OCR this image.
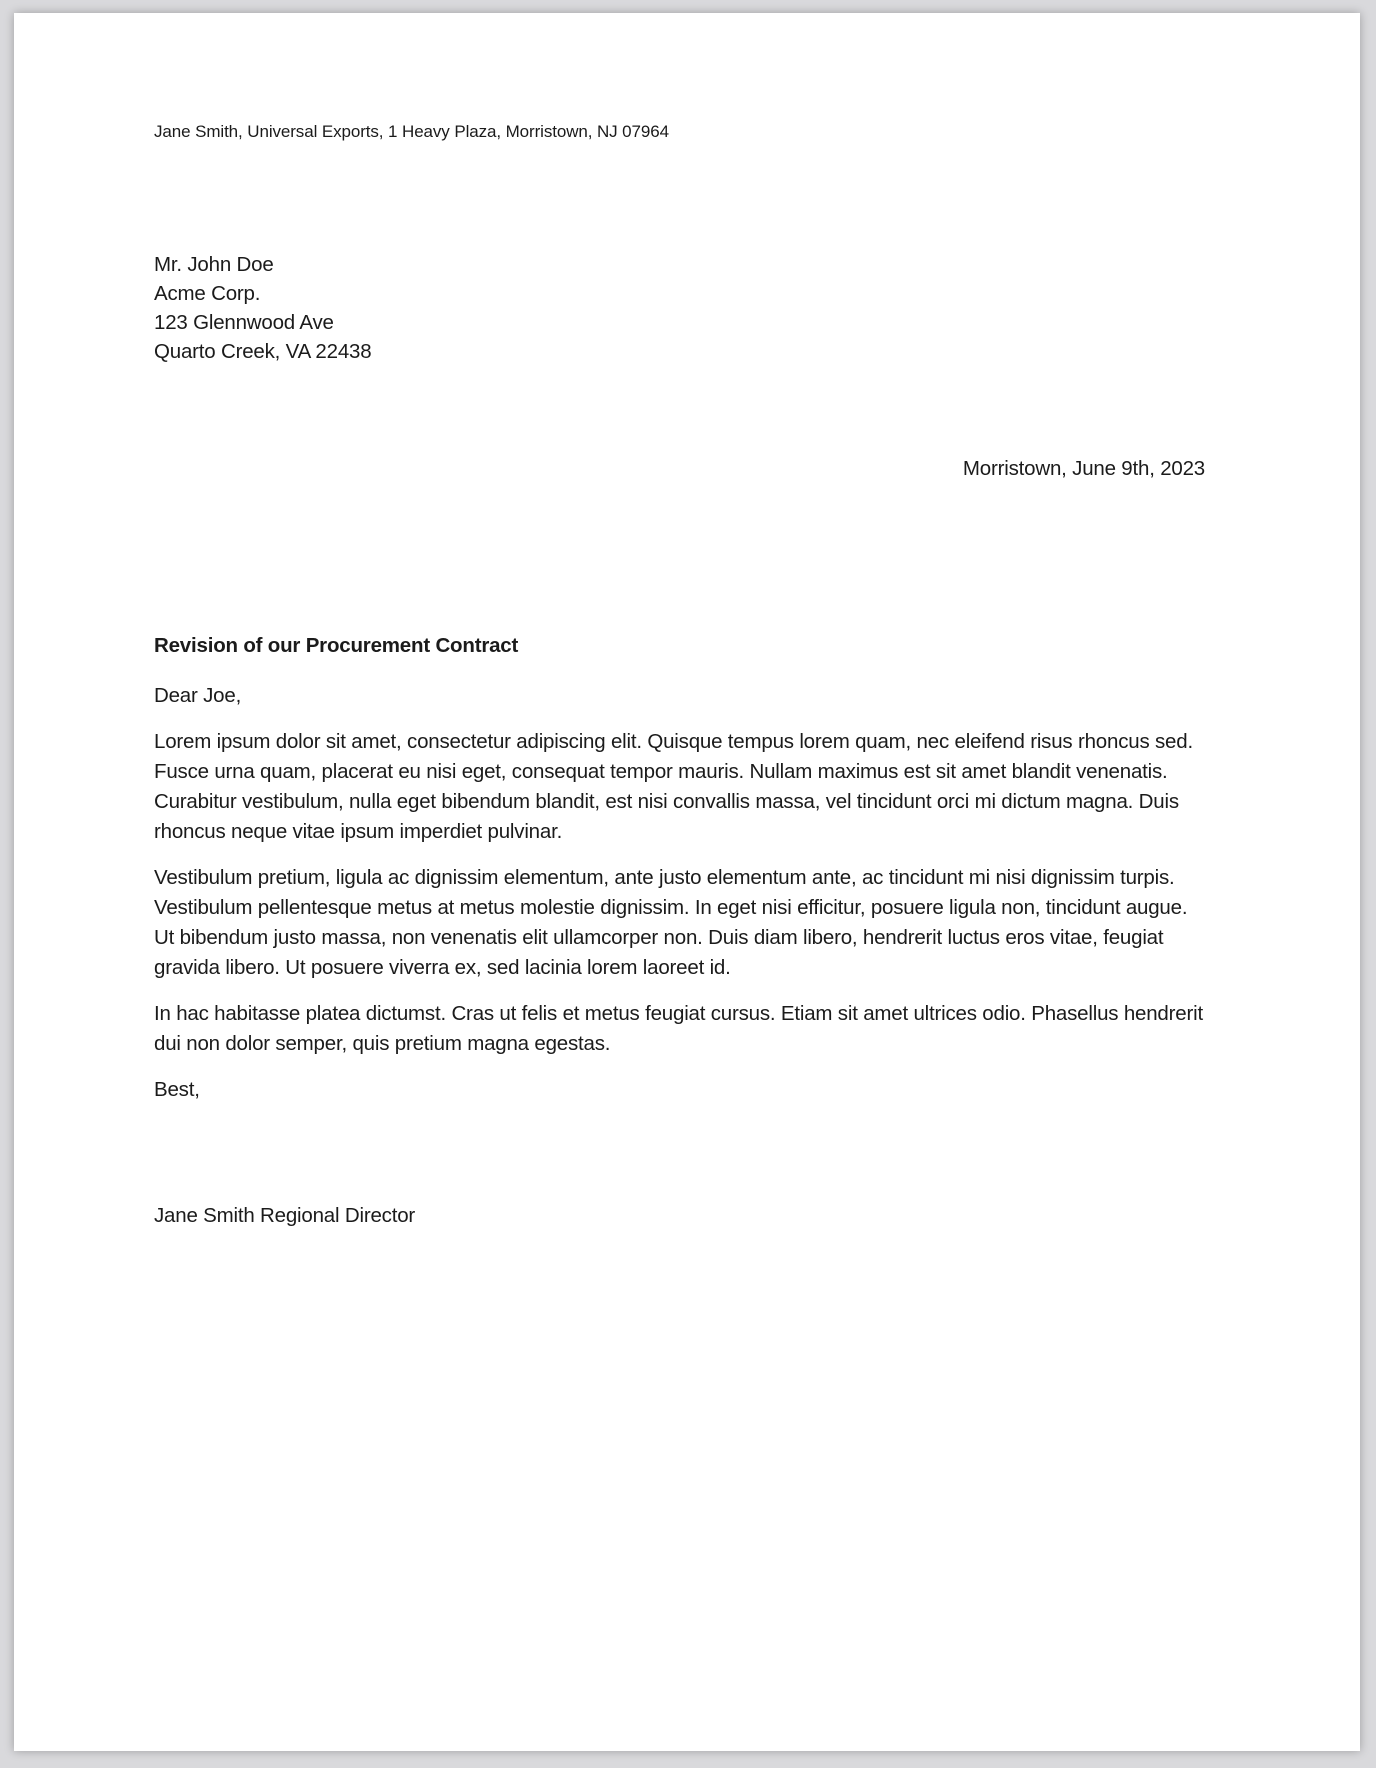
Jane Smith, Universal Exports, 1 Heavy Plaza, Morristown, NJ 07964
Mr. John Doe
Acme Corp.
123 Glennwood Ave
Quarto Creek, VA 22438
Morristown, June 9th, 2023
Revision of our Procurement Contract
Dear Joe,

Lorem ipsum dolor sit amet, consectetur adipiscing elit. Quisque tempus lorem quam, nec eleifend risus rhoncus sed. Fusce urna quam, placerat eu nisi eget, consequat tempor mauris. Nullam maximus est sit amet blandit venenatis. Curabitur vestibulum, nulla eget bibendum blandit, est nisi convallis massa, vel tincidunt orci mi dictum magna. Duis rhoncus neque vitae ipsum imperdiet pulvinar.

Vestibulum pretium, ligula ac dignissim elementum, ante justo elementum ante, ac tincidunt mi nisi dignissim turpis. Vestibulum pellentesque metus at metus molestie dignissim. In eget nisi efficitur, posuere ligula non, tincidunt augue. Ut bibendum justo massa, non venenatis elit ullamcorper non. Duis diam libero, hendrerit luctus eros vitae, feugiat gravida libero. Ut posuere viverra ex, sed lacinia lorem laoreet id.

In hac habitasse platea dictumst. Cras ut felis et metus feugiat cursus. Etiam sit amet ultrices odio. Phasellus hendrerit dui non dolor semper, quis pretium magna egestas.

Best,
Jane Smith Regional Director
